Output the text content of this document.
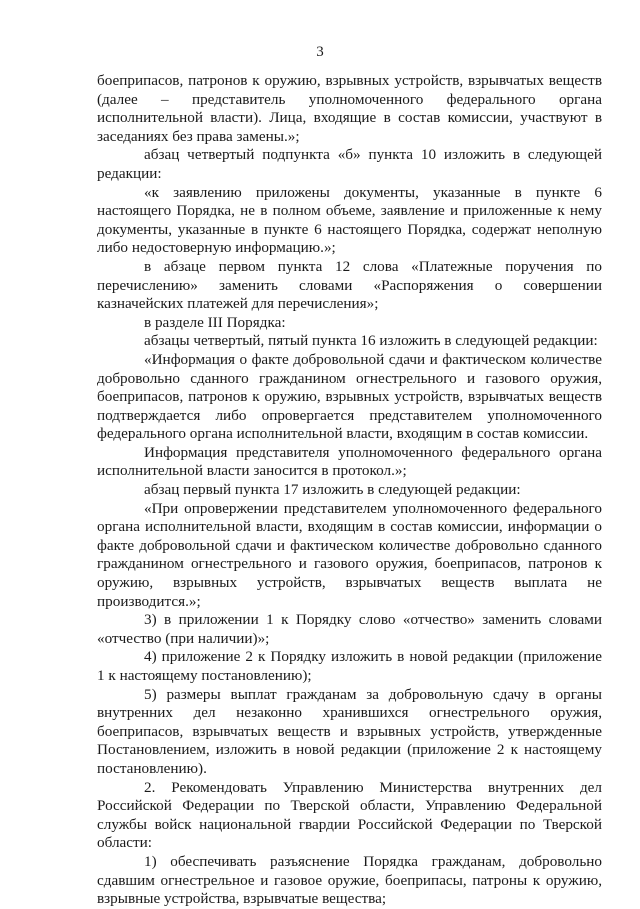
3

боеприпасов, патронов к оружию, взрывных устройств, взрывчатых веществ (далее – представитель уполномоченного федерального органа исполнительной власти). Лица, входящие в состав комиссии, участвуют в заседаниях без права замены.»;

абзац четвертый подпункта «б» пункта 10 изложить в следующей редакции:

«к заявлению приложены документы, указанные в пункте 6 настоящего Порядка, не в полном объеме, заявление и приложенные к нему документы, указанные в пункте 6 настоящего Порядка, содержат неполную либо недостоверную информацию.»;

в абзаце первом пункта 12 слова «Платежные поручения по перечислению» заменить словами «Распоряжения о совершении казначейских платежей для перечисления»;

в разделе III Порядка:

абзацы четвертый, пятый пункта 16 изложить в следующей редакции:

«Информация о факте добровольной сдачи и фактическом количестве добровольно сданного гражданином огнестрельного и газового оружия, боеприпасов, патронов к оружию, взрывных устройств, взрывчатых веществ подтверждается либо опровергается представителем уполномоченного федерального органа исполнительной власти, входящим в состав комиссии.

Информация представителя уполномоченного федерального органа исполнительной власти заносится в протокол.»;

абзац первый пункта 17 изложить в следующей редакции:

«При опровержении представителем уполномоченного федерального органа исполнительной власти, входящим в состав комиссии, информации о факте добровольной сдачи и фактическом количестве добровольно сданного гражданином огнестрельного и газового оружия, боеприпасов, патронов к оружию, взрывных устройств, взрывчатых веществ выплата не производится.»;

3) в приложении 1 к Порядку слово «отчество» заменить словами «отчество (при наличии)»;

4) приложение 2 к Порядку изложить в новой редакции (приложение 1 к настоящему постановлению);

5) размеры выплат гражданам за добровольную сдачу в органы внутренних дел незаконно хранившихся огнестрельного оружия, боеприпасов, взрывчатых веществ и взрывных устройств, утвержденные Постановлением, изложить в новой редакции (приложение 2 к настоящему постановлению).

2. Рекомендовать Управлению Министерства внутренних дел Российской Федерации по Тверской области, Управлению Федеральной службы войск национальной гвардии Российской Федерации по Тверской области:

1) обеспечивать разъяснение Порядка гражданам, добровольно сдавшим огнестрельное и газовое оружие, боеприпасы, патроны к оружию, взрывные устройства, взрывчатые вещества;
